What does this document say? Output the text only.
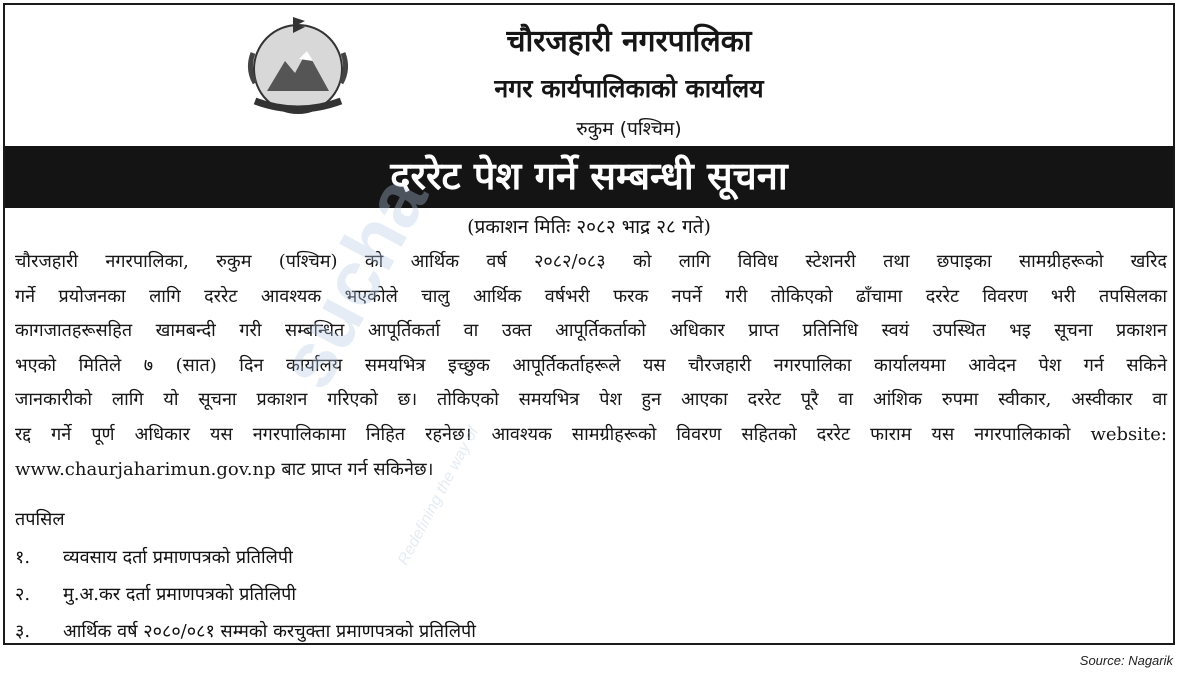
चौरजहारी नगरपालिका
नगर कार्यपालिकाको कार्यालय
रुकुम (पश्चिम)
दररेट पेश गर्ने सम्बन्धी सूचना
(प्रकाशन मितिः २०८२ भाद्र २८ गते)
चौरजहारी नगरपालिका, रुकुम (पश्चिम) को आर्थिक वर्ष २०८२/०८३ को लागि विविध स्टेशनरी तथा छपाइका सामग्रीहरूको खरिद
गर्ने प्रयोजनका लागि दररेट आवश्यक भएकोले चालु आर्थिक वर्षभरी फरक नपर्ने गरी तोकिएको ढाँचामा दररेट विवरण भरी तपसिलका
कागजातहरूसहित खामबन्दी गरी सम्बन्धित आपूर्तिकर्ता वा उक्त आपूर्तिकर्ताको अधिकार प्राप्त प्रतिनिधि स्वयं उपस्थित भइ सूचना प्रकाशन
भएको मितिले ७ (सात) दिन कार्यालय समयभित्र इच्छुक आपूर्तिकर्ताहरूले यस चौरजहारी नगरपालिका कार्यालयमा आवेदन पेश गर्न सकिने
जानकारीको लागि यो सूचना प्रकाशन गरिएको छ। तोकिएको समयभित्र पेश हुन आएका दररेट पूरै वा आंशिक रुपमा स्वीकार, अस्वीकार वा
रद्द गर्ने पूर्ण अधिकार यस नगरपालिकामा निहित रहनेछ। आवश्यक सामग्रीहरूको विवरण सहितको दररेट फाराम यस नगरपालिकाको website:
www.chaurjaharimun.gov.np बाट प्राप्त गर्न सकिनेछ।
तपसिल
१. व्यवसाय दर्ता प्रमाणपत्रको प्रतिलिपी
२. मु.अ.कर दर्ता प्रमाणपत्रको प्रतिलिपी
३. आर्थिक वर्ष २०८०/०८१ सम्मको करचुक्ता प्रमाणपत्रको प्रतिलिपी
sucha
Redefining the way of
Source: Nagarik
